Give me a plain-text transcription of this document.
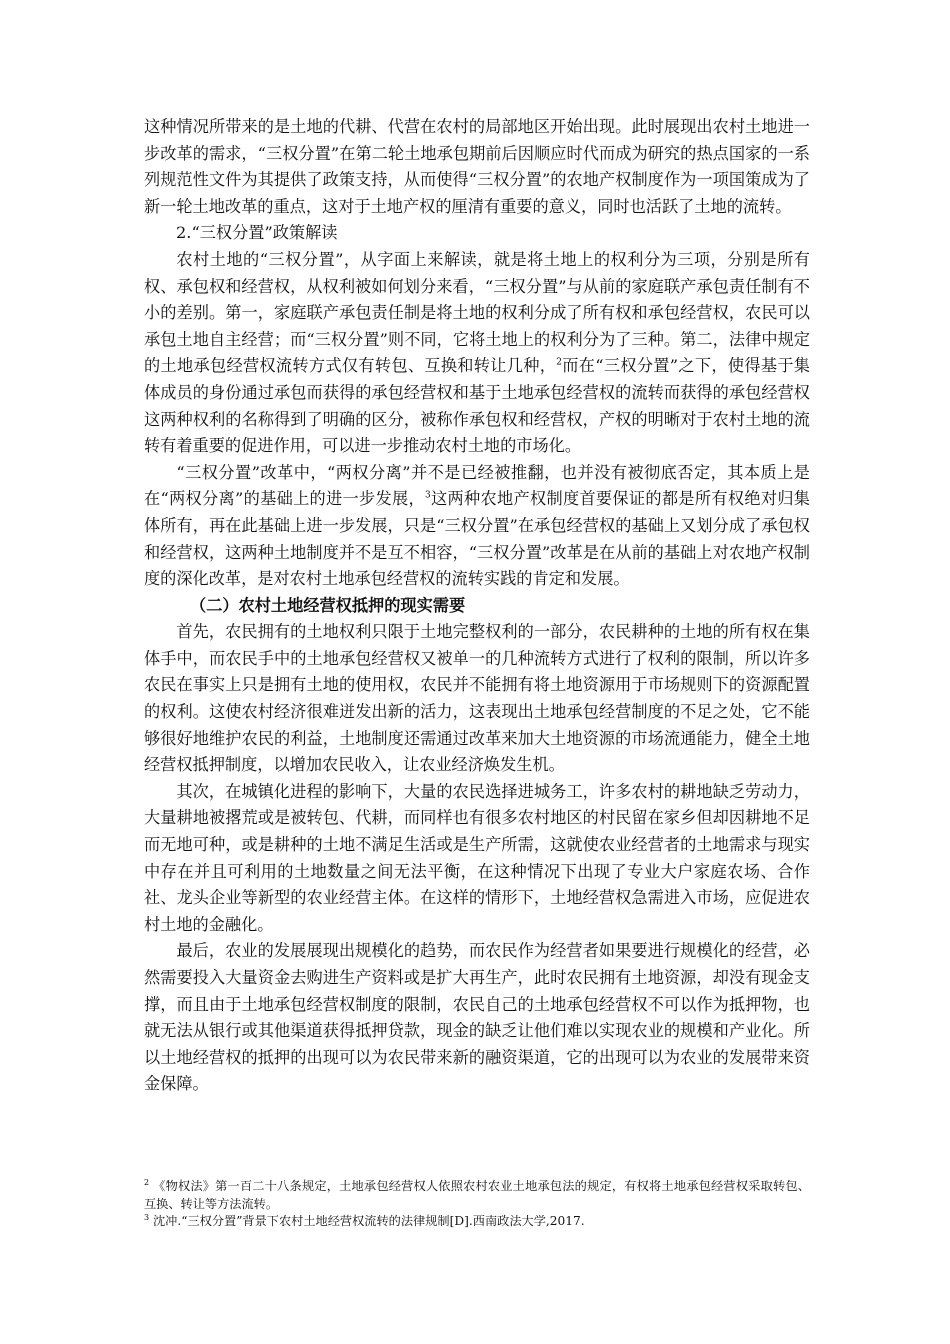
这种情况所带来的是土地的代耕、代营在农村的局部地区开始出现。此时展现出农村土地进一步改革的需求，“三权分置”在第二轮土地承包期前后因顺应时代而成为研究的热点国家的一系列规范性文件为其提供了政策支持，从而使得“三权分置”的农地产权制度作为一项国策成为了新一轮土地改革的重点，这对于土地产权的厘清有重要的意义，同时也活跃了土地的流转。

2.“三权分置”政策解读

农村土地的“三权分置”，从字面上来解读，就是将土地上的权利分为三项，分别是所有权、承包权和经营权，从权利被如何划分来看，“三权分置”与从前的家庭联产承包责任制有不小的差别。第一，家庭联产承包责任制是将土地的权利分成了所有权和承包经营权，农民可以承包土地自主经营；而“三权分置”则不同，它将土地上的权利分为了三种。第二，法律中规定的土地承包经营权流转方式仅有转包、互换和转让几种，$^2$而在“三权分置”之下，使得基于集体成员的身份通过承包而获得的承包经营权和基于土地承包经营权的流转而获得的承包经营权这两种权利的名称得到了明确的区分，被称作承包权和经营权，产权的明晰对于农村土地的流转有着重要的促进作用，可以进一步推动农村土地的市场化。

“三权分置”改革中，“两权分离”并不是已经被推翻，也并没有被彻底否定，其本质上是在“两权分离”的基础上的进一步发展，$^3$这两种农地产权制度首要保证的都是所有权绝对归集体所有，再在此基础上进一步发展，只是“三权分置”在承包经营权的基础上又划分成了承包权和经营权，这两种土地制度并不是互不相容，“三权分置”改革是在从前的基础上对农地产权制度的深化改革，是对农村土地承包经营权的流转实践的肯定和发展。

（二）农村土地经营权抵押的现实需要

首先，农民拥有的土地权利只限于土地完整权利的一部分，农民耕种的土地的所有权在集体手中，而农民手中的土地承包经营权又被单一的几种流转方式进行了权利的限制，所以许多农民在事实上只是拥有土地的使用权，农民并不能拥有将土地资源用于市场规则下的资源配置的权利。这使农村经济很难迸发出新的活力，这表现出土地承包经营制度的不足之处，它不能够很好地维护农民的利益，土地制度还需通过改革来加大土地资源的市场流通能力，健全土地经营权抵押制度，以增加农民收入，让农业经济焕发生机。

其次，在城镇化进程的影响下，大量的农民选择进城务工，许多农村的耕地缺乏劳动力，大量耕地被撂荒或是被转包、代耕，而同样也有很多农村地区的村民留在家乡但却因耕地不足而无地可种，或是耕种的土地不满足生活或是生产所需，这就使农业经营者的土地需求与现实中存在并且可利用的土地数量之间无法平衡，在这种情况下出现了专业大户家庭农场、合作社、龙头企业等新型的农业经营主体。在这样的情形下，土地经营权急需进入市场，应促进农村土地的金融化。

最后，农业的发展展现出规模化的趋势，而农民作为经营者如果要进行规模化的经营，必然需要投入大量资金去购进生产资料或是扩大再生产，此时农民拥有土地资源，却没有现金支撑，而且由于土地承包经营权制度的限制，农民自己的土地承包经营权不可以作为抵押物，也就无法从银行或其他渠道获得抵押贷款，现金的缺乏让他们难以实现农业的规模和产业化。所以土地经营权的抵押的出现可以为农民带来新的融资渠道，它的出现可以为农业的发展带来资金保障。

$^2$ 《物权法》第一百二十八条规定，土地承包经营权人依照农村农业土地承包法的规定，有权将土地承包经营权采取转包、互换、转让等方法流转。

$^3$ 沈冲.“三权分置”背景下农村土地经营权流转的法律规制[D].西南政法大学,2017.
